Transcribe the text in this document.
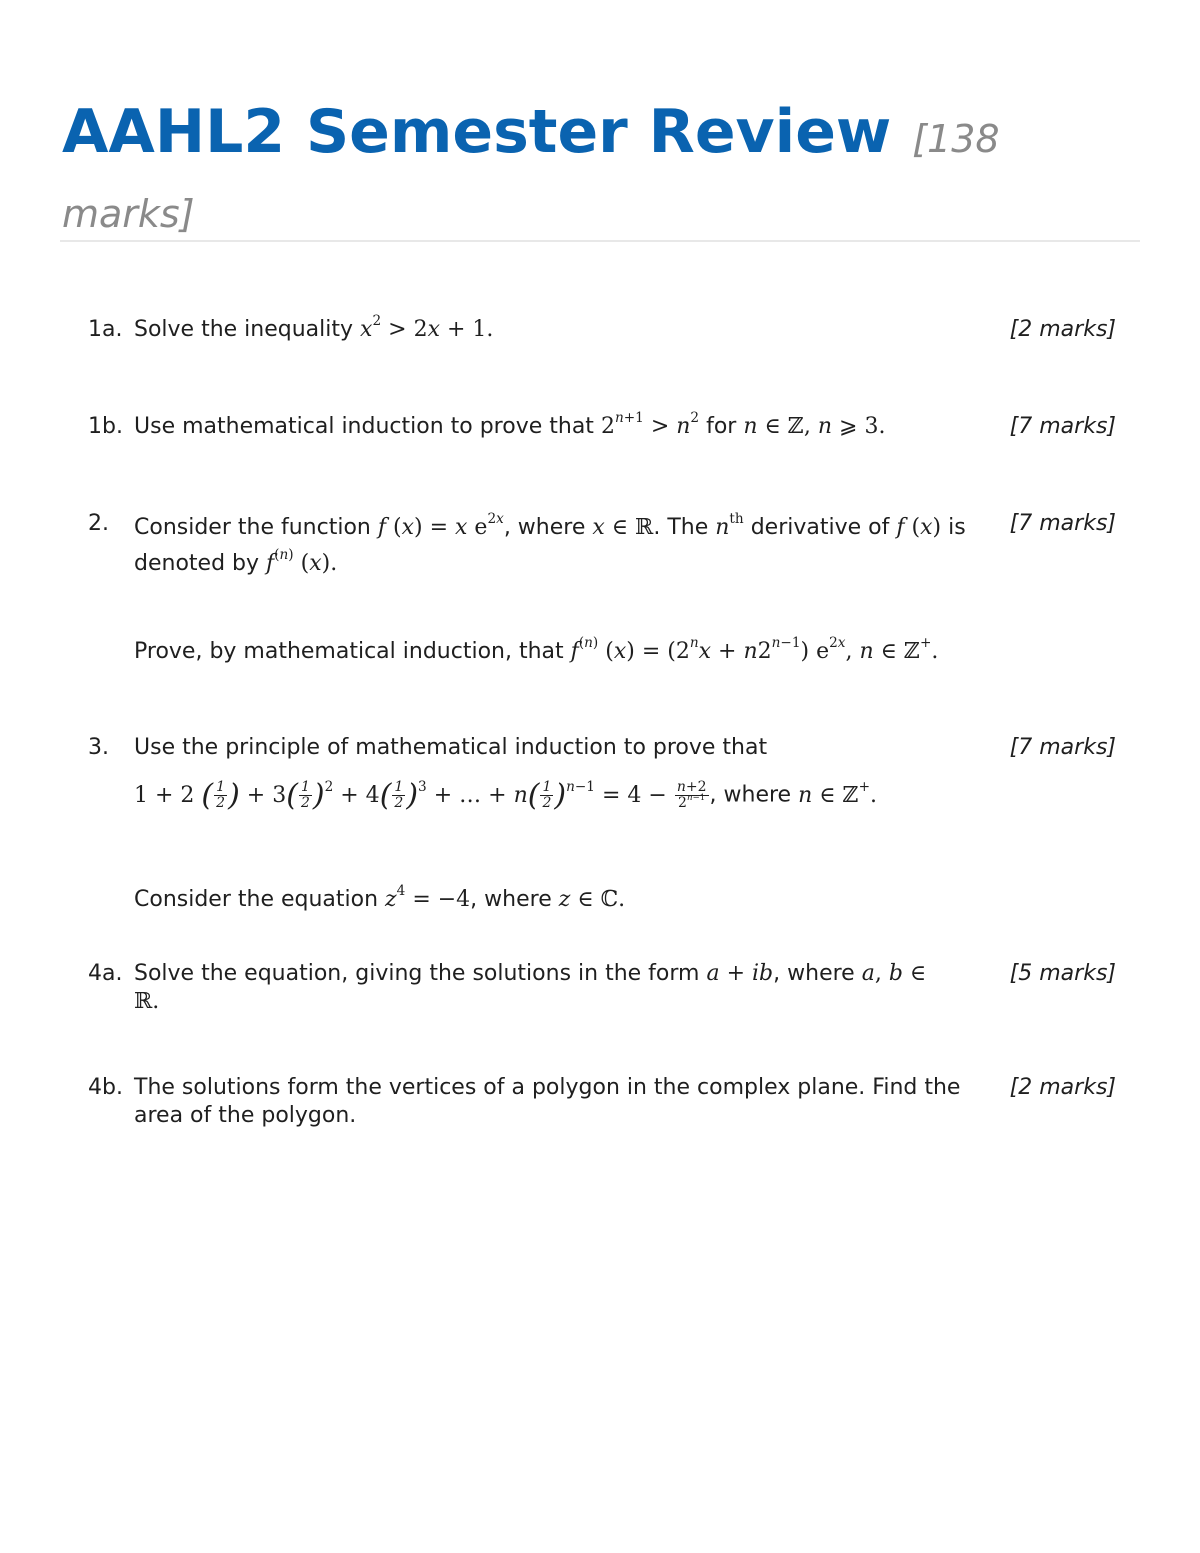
AAHL2 Semester Review [138 marks]
1a. Solve the inequality $x^2 > 2x + 1$.	[2 marks]
1b. Use mathematical induction to prove that $2^{n+1} > n^2$ for n ∈ ℤ, n ⩾ 3.	[7 marks]
2. Consider the function f (x) = x $e^{2x}$, where x ∈ ℝ. The $n^{th}$ derivative of f (x) is denoted by $f^{(n)}$ (x).
Prove, by mathematical induction, that $f^{(n)}$ $(x) = (2^nx + n2^{n-1})$ $e^{2x}$, n ∈ ℤ+.
[7 marks]
3. Use the principle of mathematical induction to prove that
1 + 2 ( $\frac{1}{2}$ ) + $3( \frac{1}{2} )^2 + 4( \frac{1}{2} )^3$ + … + $n( \frac{1}{2} )^{n-1} = 4 - \frac{n+2}{2^{n-1}}$ , where n ∈ ℤ+.
[7 marks]
Consider the equation $z^4 = -4$, where z ∈ ℂ.
4a. Solve the equation, giving the solutions in the form a + ib, where a, b ∈ ℝ.
[5 marks]
4b. The solutions form the vertices of a polygon in the complex plane. Find the area of the polygon.
[2 marks]
